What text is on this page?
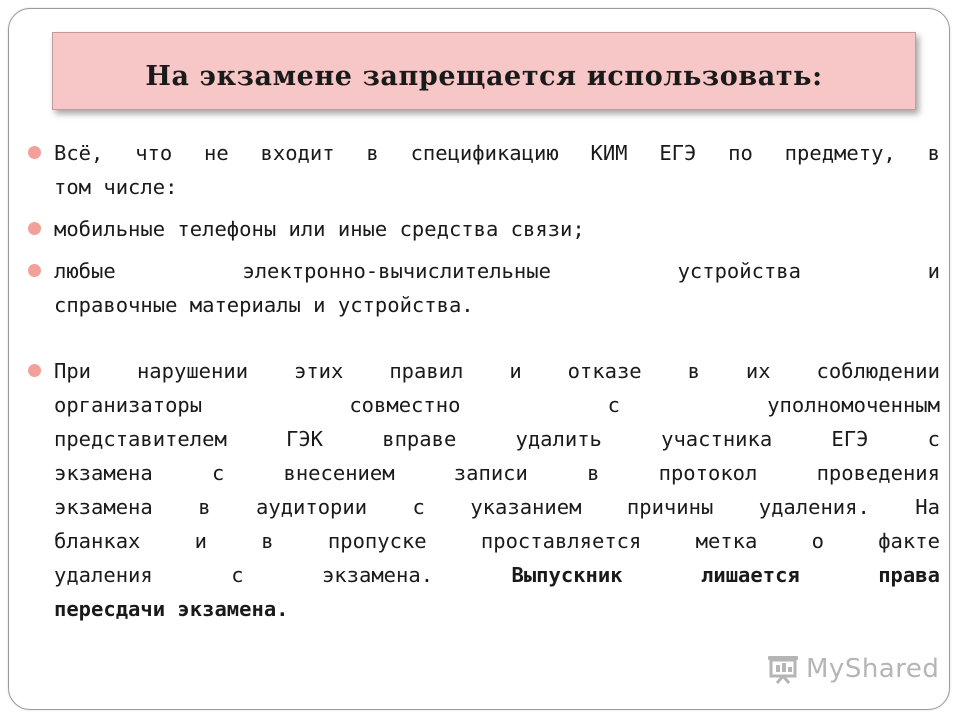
На экзамене запрещается использовать:
Всё, что не входит в спецификацию КИМ ЕГЭ по предмету, в
том числе:
мобильные телефоны или иные средства связи;
любые	электронно-вычислительные	устройства	и
справочные материалы и устройства.
При нарушении этих правил и отказе в их соблюдении
организаторы	совместно	с	уполномоченным
представителем	ГЭК	вправе	удалить	участника	ЕГЭ	с
экзамена	с	внесением	записи	в	протокол	проведения
экзамена в аудитории с указанием причины удаления. На
бланках	и	в	пропуске	проставляется	метка	о	факте
удаления	с	экзамена.	Выпускник	лишается	права
пересдачи экзамена.
MyShared
